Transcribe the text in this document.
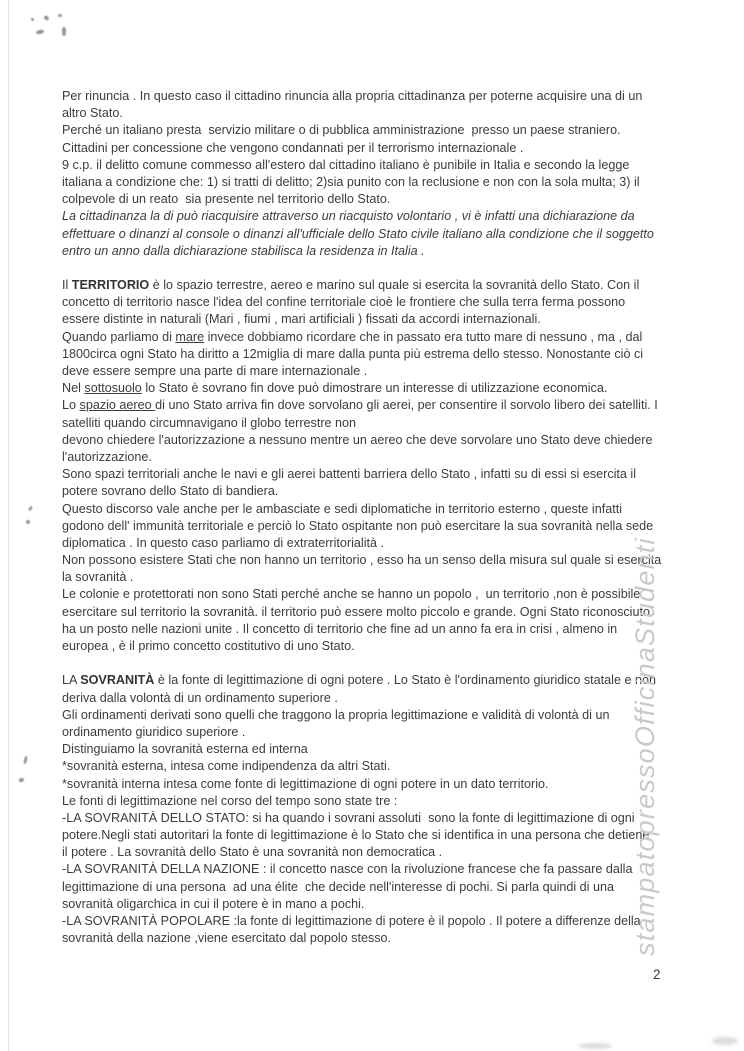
Per rinuncia . In questo caso il cittadino rinuncia alla propria cittadinanza per poterne acquisire una di un
altro Stato.
Perché un italiano presta  servizio militare o di pubblica amministrazione  presso un paese straniero.
Cittadini per concessione che vengono condannati per il terrorismo internazionale .
9 c.p. il delitto comune commesso all'estero dal cittadino italiano è punibile in Italia e secondo la legge
italiana a condizione che: 1) si tratti di delitto; 2)sia punito con la reclusione e non con la sola multa; 3) il
colpevole di un reato  sia presente nel territorio dello Stato.
La cittadinanza la di può riacquisire attraverso un riacquisto volontario , vi è infatti una dichiarazione da
effettuare o dinanzi al console o dinanzi all'ufficiale dello Stato civile italiano alla condizione che il soggetto
entro un anno dalla dichiarazione stabilisca la residenza in Italia .
Il TERRITORIO è lo spazio terrestre, aereo e marino sul quale si esercita la sovranità dello Stato. Con il
concetto di territorio nasce l'idea del confine territoriale cioè le frontiere che sulla terra ferma possono
essere distinte in naturali (Mari , fiumi , mari artificiali ) fissati da accordi internazionali.
Quando parliamo di mare invece dobbiamo ricordare che in passato era tutto mare di nessuno , ma , dal
1800circa ogni Stato ha diritto a 12miglia di mare dalla punta più estrema dello stesso. Nonostante ciò ci
deve essere sempre una parte di mare internazionale .
Nel sottosuolo lo Stato è sovrano fin dove può dimostrare un interesse di utilizzazione economica.
Lo spazio aereo di uno Stato arriva fin dove sorvolano gli aerei, per consentire il sorvolo libero dei satelliti. I
satelliti quando circumnavigano il globo terrestre non
devono chiedere l'autorizzazione a nessuno mentre un aereo che deve sorvolare uno Stato deve chiedere
l'autorizzazione.
Sono spazi territoriali anche le navi e gli aerei battenti barriera dello Stato , infatti su di essi si esercita il
potere sovrano dello Stato di bandiera.
Questo discorso vale anche per le ambasciate e sedi diplomatiche in territorio esterno , queste infatti
godono dell' immunità territoriale e perciò lo Stato ospitante non può esercitare la sua sovranità nella sede
diplomatica . In questo caso parliamo di extraterritorialità .
Non possono esistere Stati che non hanno un territorio , esso ha un senso della misura sul quale si esercita
la sovranità .
Le colonie e protettorati non sono Stati perché anche se hanno un popolo ,  un territorio ,non è possibile
esercitare sul territorio la sovranità. il territorio può essere molto piccolo e grande. Ogni Stato riconosciuto
ha un posto nelle nazioni unite . Il concetto di territorio che fine ad un anno fa era in crisi , almeno in
europea , è il primo concetto costitutivo di uno Stato.
LA SOVRANITÀ è la fonte di legittimazione di ogni potere . Lo Stato è l'ordinamento giuridico statale e non
deriva dalla volontà di un ordinamento superiore .
Gli ordinamenti derivati sono quelli che traggono la propria legittimazione e validità di volontà di un
ordinamento giuridico superiore .
Distinguiamo la sovranità esterna ed interna
*sovranità esterna, intesa come indipendenza da altri Stati.
*sovranità interna intesa come fonte di legittimazione di ogni potere in un dato territorio.
Le fonti di legittimazione nel corso del tempo sono state tre :
-LA SOVRANITÀ DELLO STATO: si ha quando i sovrani assoluti  sono la fonte di legittimazione di ogni
potere.Negli stati autoritari la fonte di legittimazione è lo Stato che si identifica in una persona che detiene
il potere . La sovranità dello Stato è una sovranità non democratica .
-LA SOVRANITÀ DELLA NAZIONE : il concetto nasce con la rivoluzione francese che fa passare dalla
legittimazione di una persona  ad una élite  che decide nell'interesse di pochi. Si parla quindi di una
sovranità oligarchica in cui il potere è in mano a pochi.
-LA SOVRANITÀ POPOLARE :la fonte di legittimazione di potere è il popolo . Il potere a differenze della
sovranità della nazione ,viene esercitato dal popolo stesso.	stampatopressoOfficinaStudenti
2
